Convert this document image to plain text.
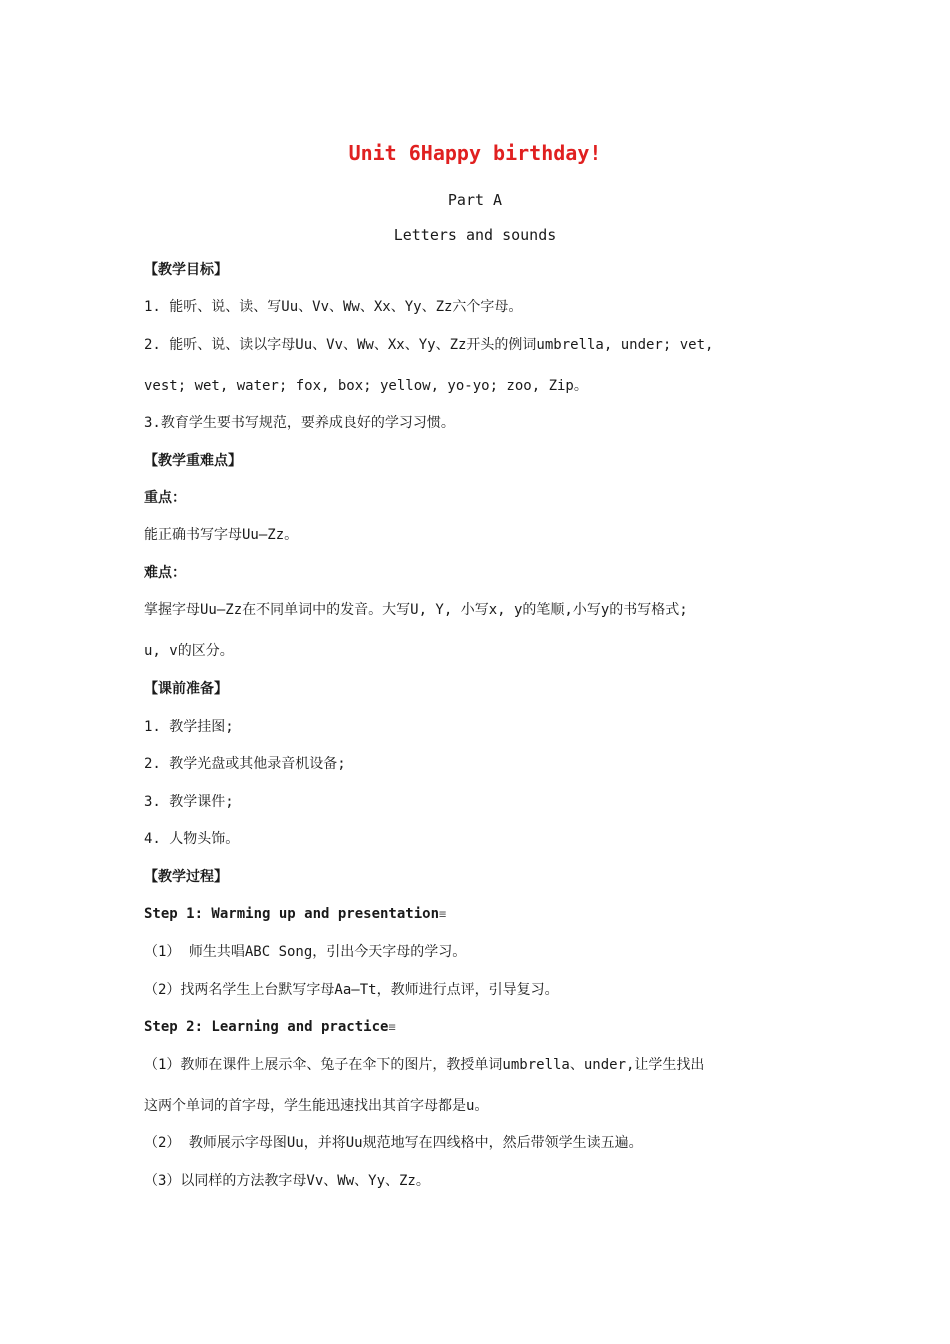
Unit 6Happy birthday!
Part A
Letters and sounds
【教学目标】
1. 能听、说、读、写Uu、Vv、Ww、Xx、Yy、Zz六个字母。
2. 能听、说、读以字母Uu、Vv、Ww、Xx、Yy、Zz开头的例词umbrella, under; vet,
vest; wet, water; fox, box; yellow, yo-yo; zoo, Zip。
3.教育学生要书写规范，要养成良好的学习习惯。
【教学重难点】
重点：
能正确书写字母Uu—Zz。
难点：
掌握字母Uu—Zz在不同单词中的发音。大写U, Y, 小写x, y的笔顺,小写y的书写格式;
u, v的区分。
【课前准备】
1. 教学挂图;
2. 教学光盘或其他录音机设备;
3. 教学课件;
4. 人物头饰。
【教学过程】
Step 1: Warming up and presentation≡
（1） 师生共唱ABC Song，引出今天字母的学习。
（2）找两名学生上台默写字母Aa—Tt，教师进行点评，引导复习。
Step 2: Learning and practice≡
（1）教师在课件上展示伞、兔子在伞下的图片，教授单词umbrella、under,让学生找出
这两个单词的首字母，学生能迅速找出其首字母都是u。
（2） 教师展示字母图Uu，并将Uu规范地写在四线格中，然后带领学生读五遍。
（3）以同样的方法教字母Vv、Ww、Yy、Zz。
